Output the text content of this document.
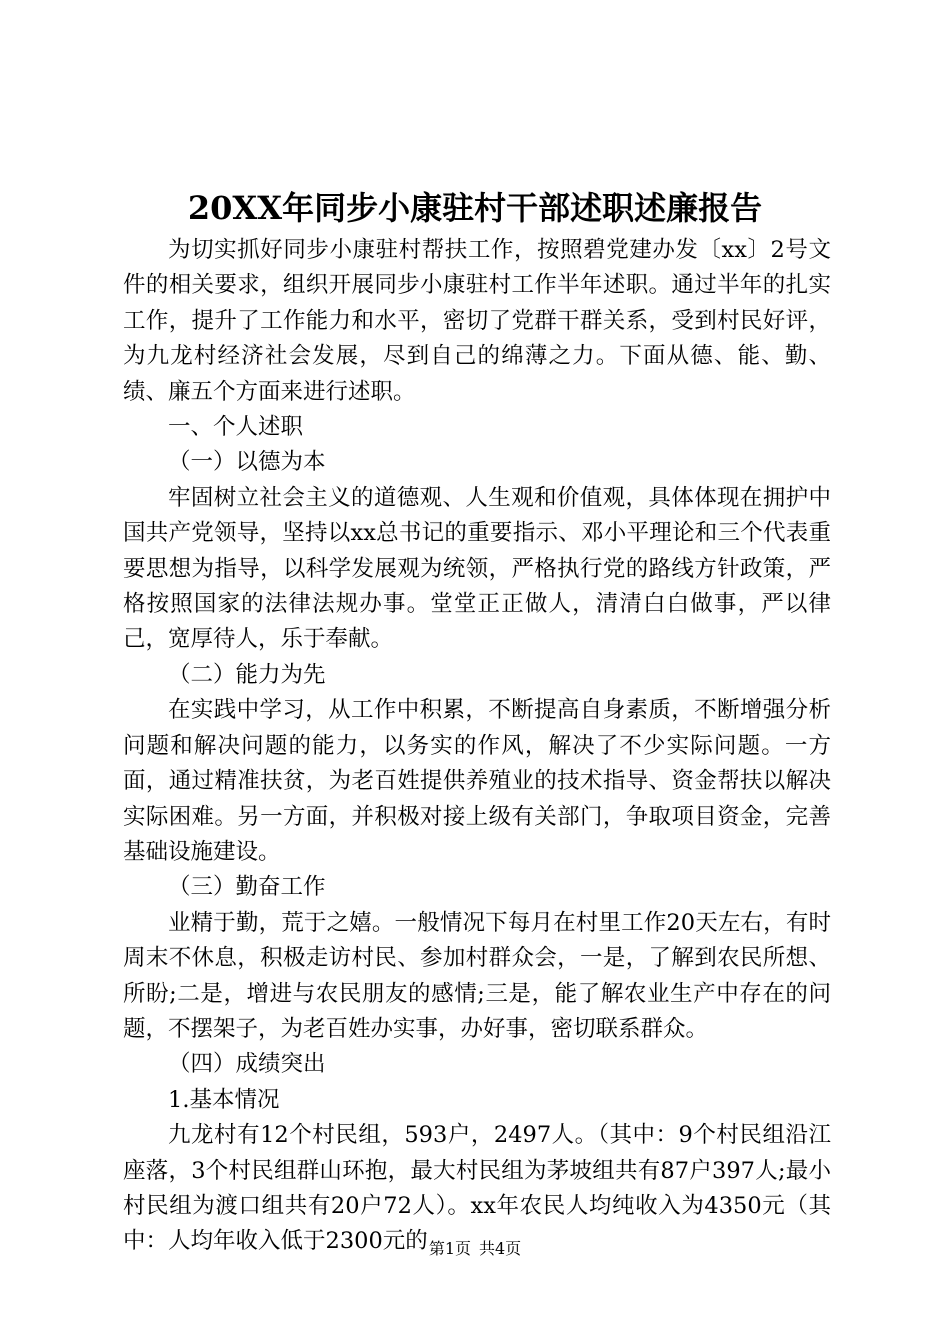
20XX年同步小康驻村干部述职述廉报告

为切实抓好同步小康驻村帮扶工作，按照碧党建办发〔xx〕2号文件的相关要求，组织开展同步小康驻村工作半年述职。通过半年的扎实工作，提升了工作能力和水平，密切了党群干群关系，受到村民好评，为九龙村经济社会发展，尽到自己的绵薄之力。下面从德、能、勤、绩、廉五个方面来进行述职。

一、个人述职

（一）以德为本

牢固树立社会主义的道德观、人生观和价值观，具体体现在拥护中国共产党领导，坚持以xx总书记的重要指示、邓小平理论和三个代表重要思想为指导，以科学发展观为统领，严格执行党的路线方针政策，严格按照国家的法律法规办事。堂堂正正做人，清清白白做事，严以律己，宽厚待人，乐于奉献。

（二）能力为先

在实践中学习，从工作中积累，不断提高自身素质，不断增强分析问题和解决问题的能力，以务实的作风，解决了不少实际问题。一方面，通过精准扶贫，为老百姓提供养殖业的技术指导、资金帮扶以解决实际困难。另一方面，并积极对接上级有关部门，争取项目资金，完善基础设施建设。

（三）勤奋工作

业精于勤，荒于之嬉。一般情况下每月在村里工作20天左右，有时周末不休息，积极走访村民、参加村群众会，一是，了解到农民所想、所盼;二是，增进与农民朋友的感情;三是，能了解农业生产中存在的问题，不摆架子，为老百姓办实事，办好事，密切联系群众。

（四）成绩突出

1.基本情况

九龙村有12个村民组，593户，2497人。（其中：9个村民组沿江座落，3个村民组群山环抱，最大村民组为茅坡组共有87户397人;最小村民组为渡口组共有20户72人）。xx年农民人均纯收入为4350元（其中：人均年收入低于2300元的 第1页 共4页
